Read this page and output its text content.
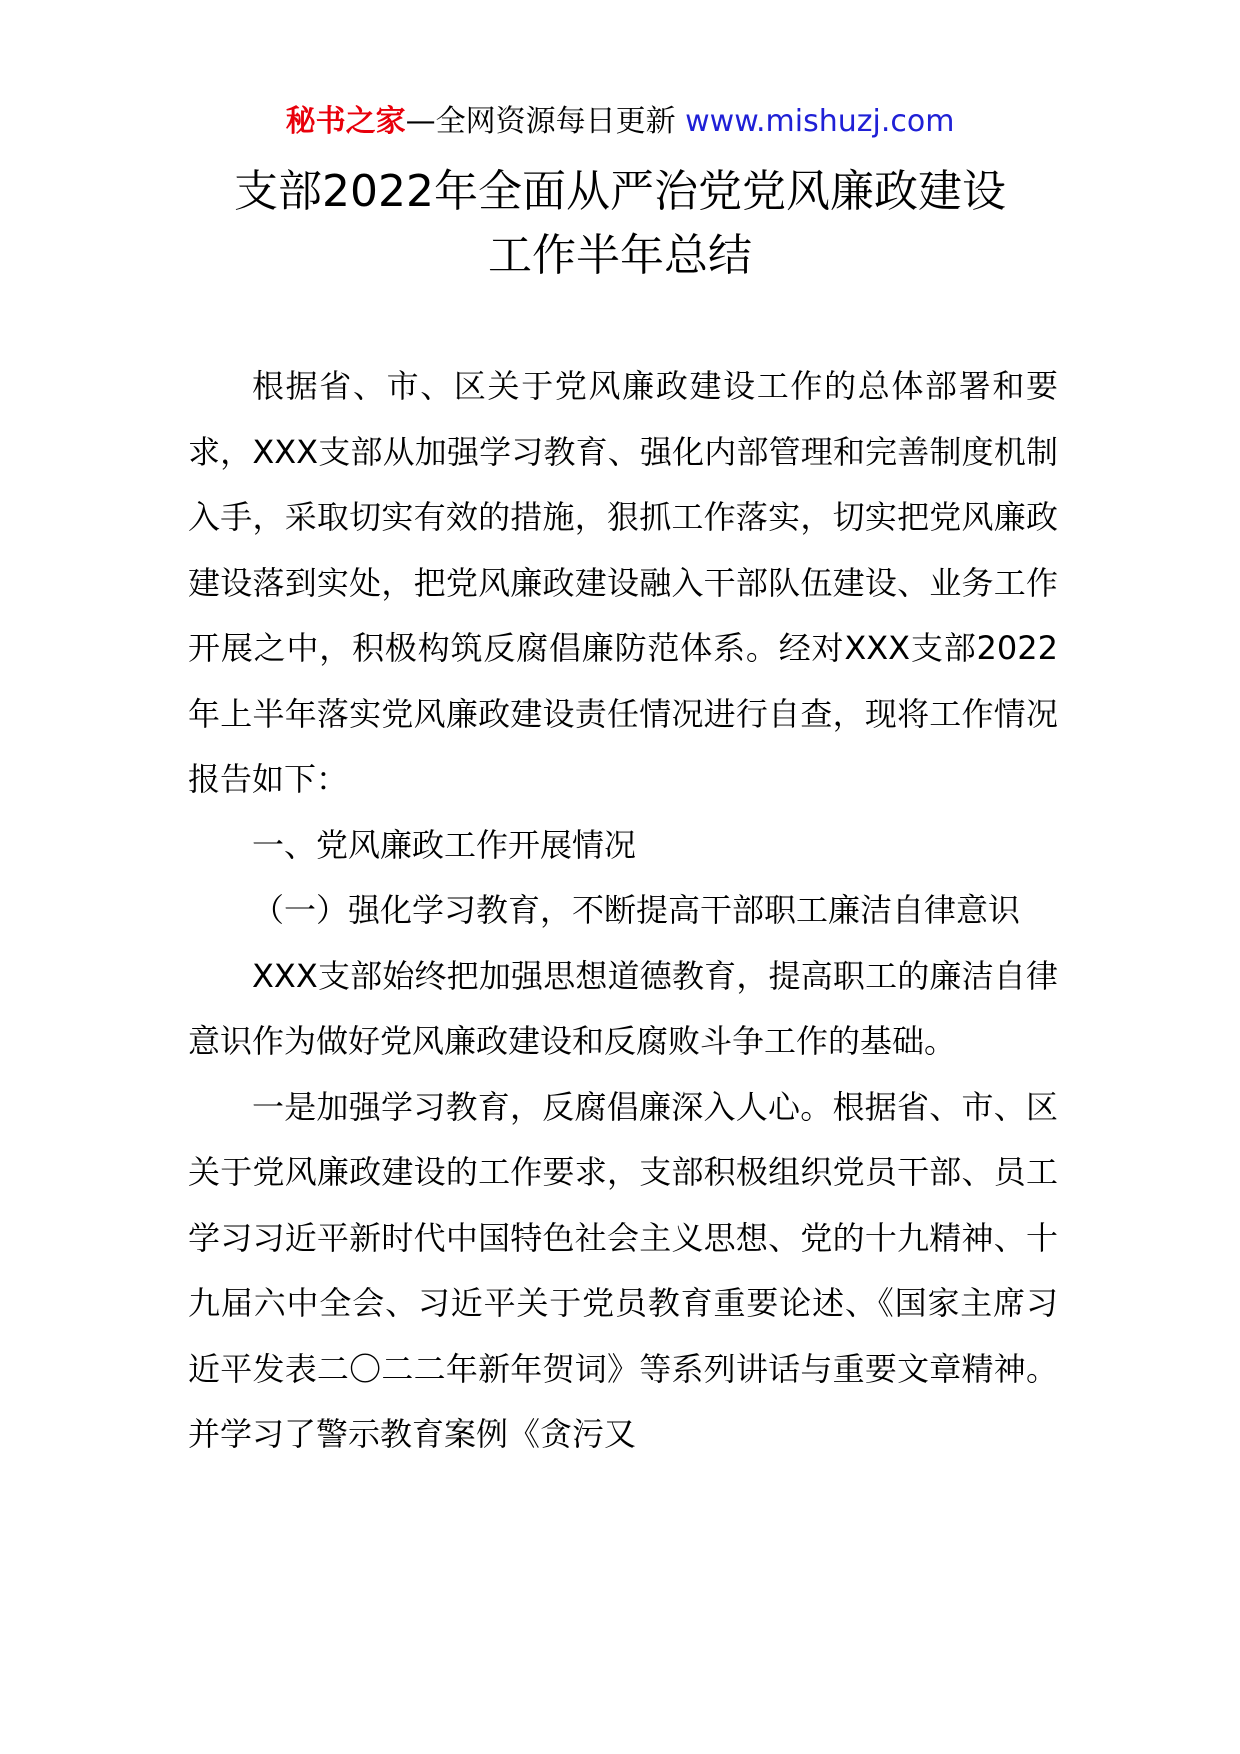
秘书之家—全网资源每日更新 www.mishuzj.com
支部2022年全面从严治党党风廉政建设
工作半年总结

根据省、市、区关于党风廉政建设工作的总体部署和要求，XXX支部从加强学习教育、强化内部管理和完善制度机制入手，采取切实有效的措施，狠抓工作落实，切实把党风廉政建设落到实处，把党风廉政建设融入干部队伍建设、业务工作开展之中，积极构筑反腐倡廉防范体系。经对XXX支部2022年上半年落实党风廉政建设责任情况进行自查，现将工作情况报告如下：

一、党风廉政工作开展情况

（一）强化学习教育，不断提高干部职工廉洁自律意识

XXX支部始终把加强思想道德教育，提高职工的廉洁自律意识作为做好党风廉政建设和反腐败斗争工作的基础。

一是加强学习教育，反腐倡廉深入人心。根据省、市、区关于党风廉政建设的工作要求，支部积极组织党员干部、员工学习习近平新时代中国特色社会主义思想、党的十九精神、十九届六中全会、习近平关于党员教育重要论述、《国家主席习近平发表二〇二二年新年贺词》等系列讲话与重要文章精神。并学习了警示教育案例《贪污又
